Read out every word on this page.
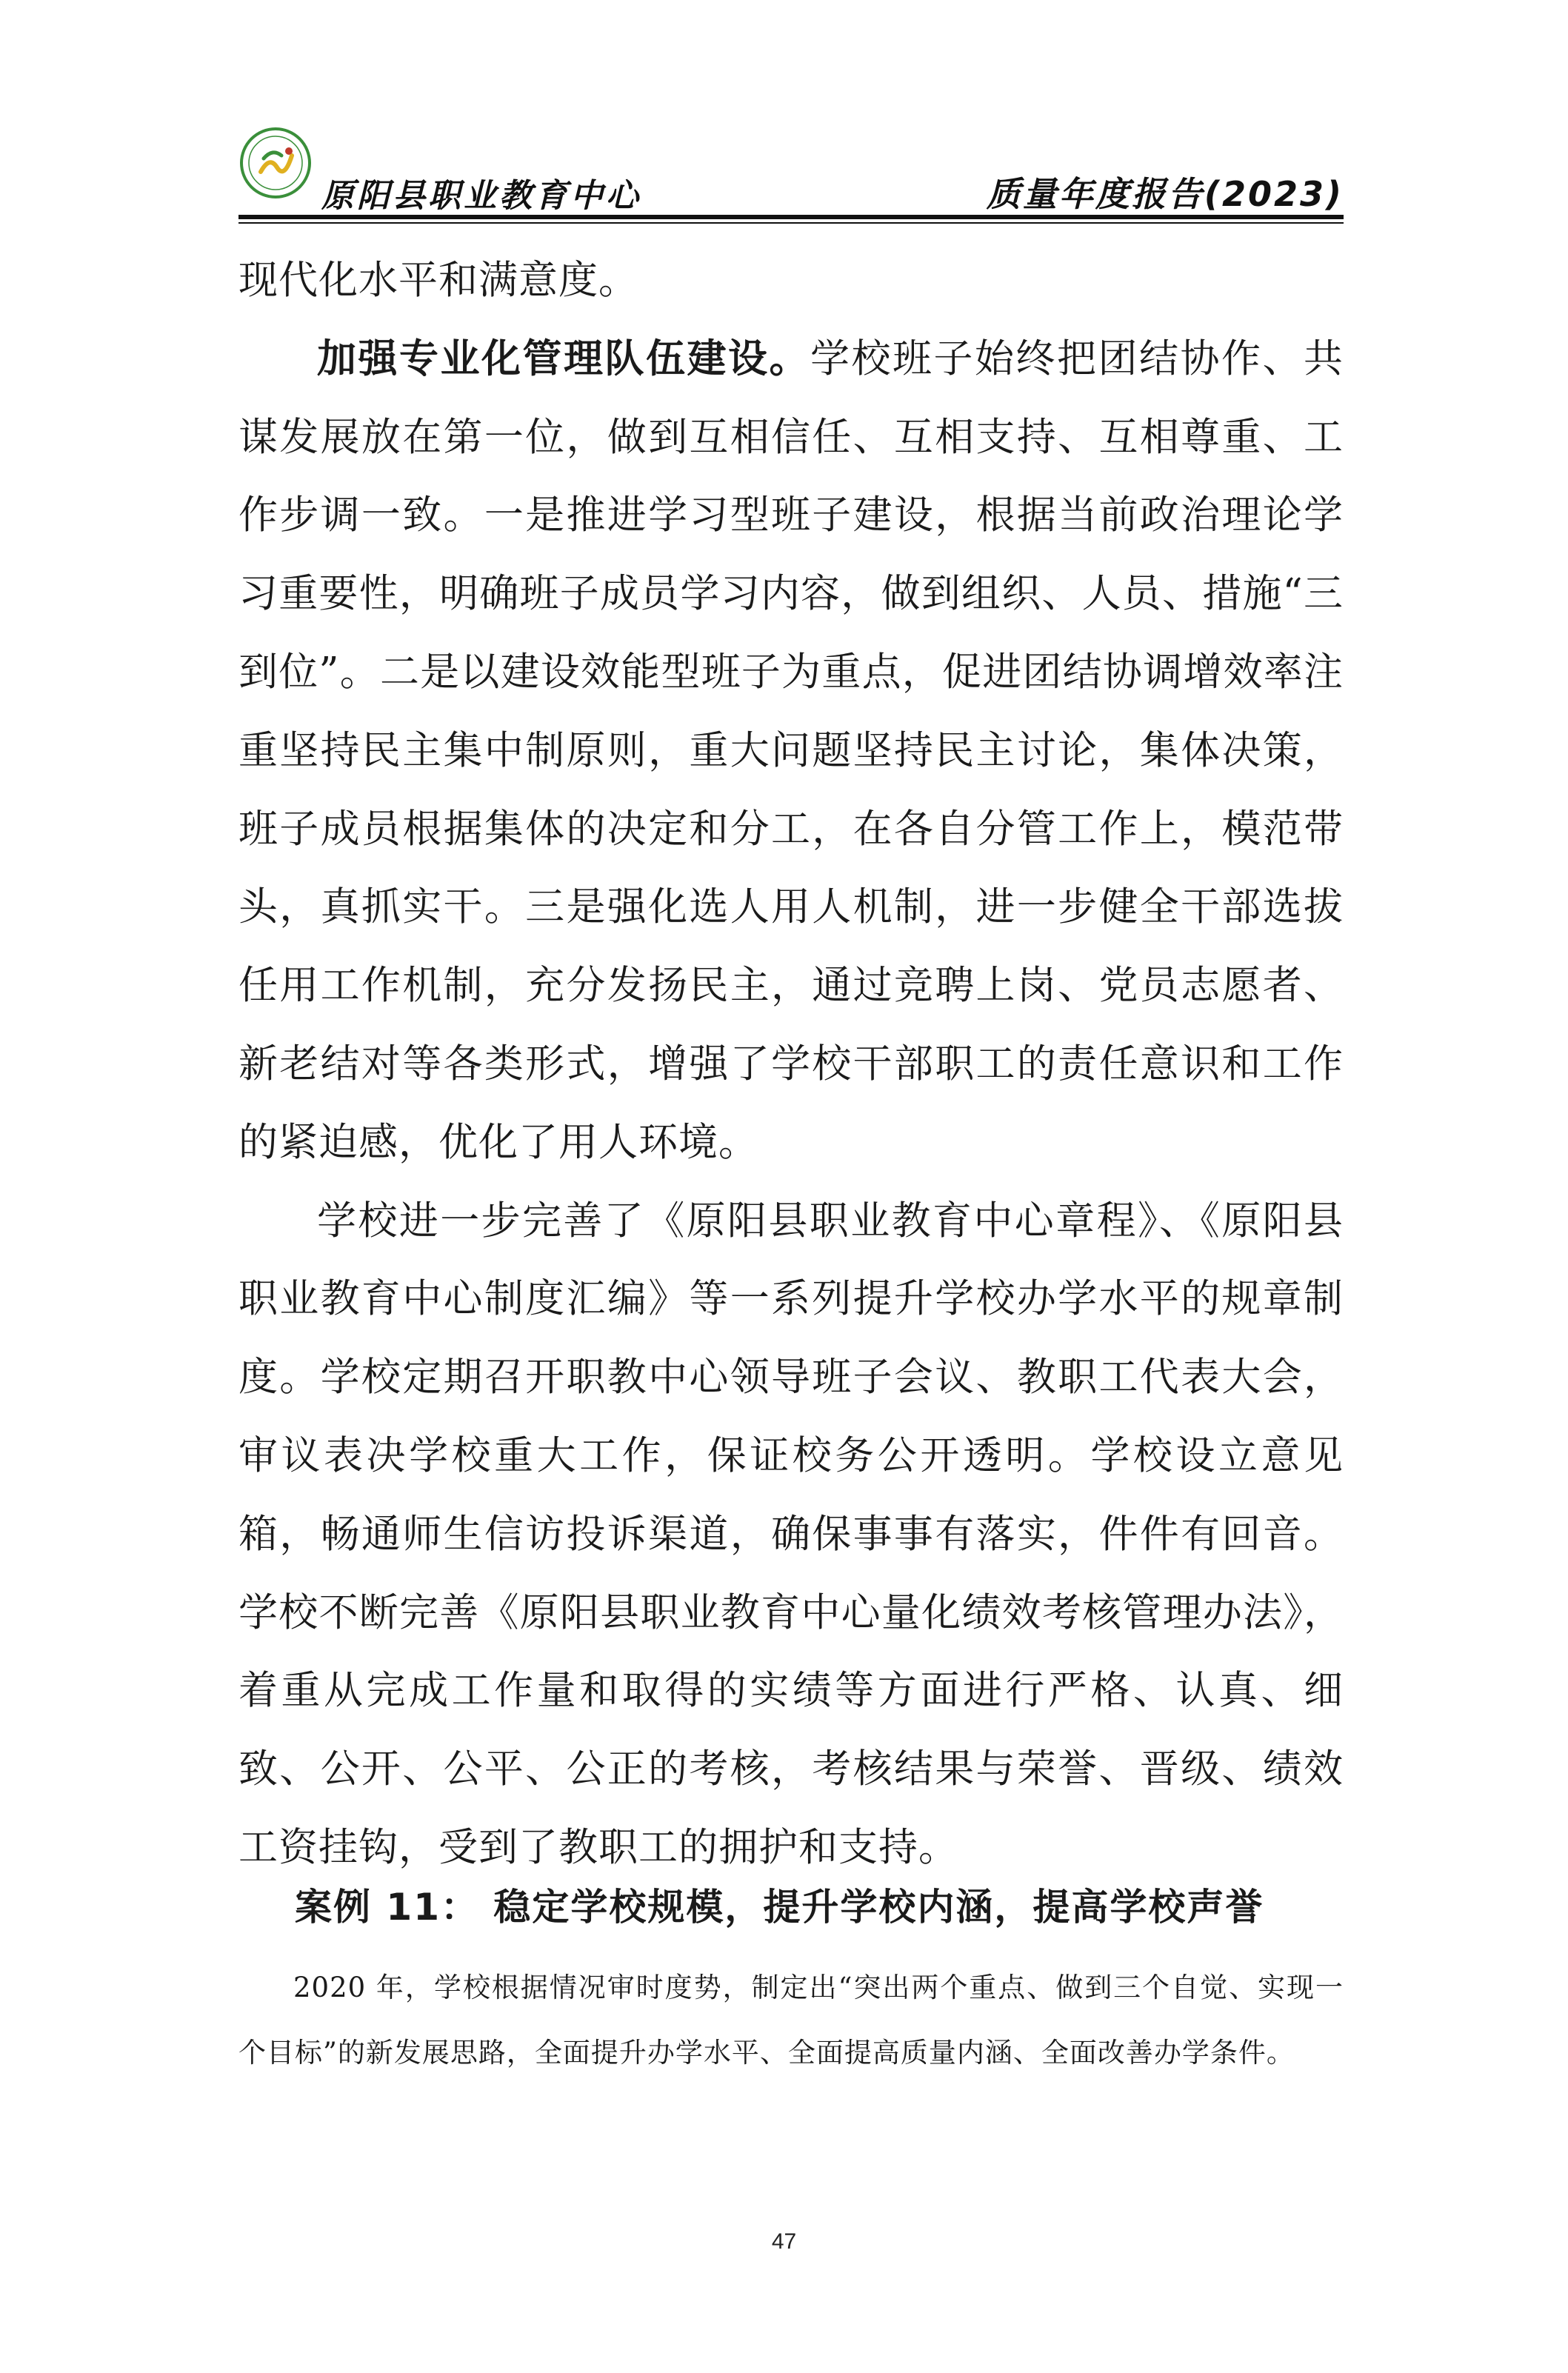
原阳县职业教育中心	质量年度报告(2023)

现代化水平和满意度。

加强专业化管理队伍建设。学校班子始终把团结协作、共谋发展放在第一位，做到互相信任、互相支持、互相尊重、工作步调一致。一是推进学习型班子建设，根据当前政治理论学习重要性，明确班子成员学习内容，做到组织、人员、措施“三到位”。二是以建设效能型班子为重点，促进团结协调增效率注重坚持民主集中制原则，重大问题坚持民主讨论，集体决策，班子成员根据集体的决定和分工，在各自分管工作上，模范带头，真抓实干。三是强化选人用人机制，进一步健全干部选拔任用工作机制，充分发扬民主，通过竞聘上岗、党员志愿者、新老结对等各类形式，增强了学校干部职工的责任意识和工作的紧迫感，优化了用人环境。

学校进一步完善了《原阳县职业教育中心章程》、《原阳县职业教育中心制度汇编》等一系列提升学校办学水平的规章制度。学校定期召开职教中心领导班子会议、教职工代表大会，审议表决学校重大工作，保证校务公开透明。学校设立意见箱，畅通师生信访投诉渠道，确保事事有落实，件件有回音。学校不断完善《原阳县职业教育中心量化绩效考核管理办法》，着重从完成工作量和取得的实绩等方面进行严格、认真、细致、公开、公平、公正的考核，考核结果与荣誉、晋级、绩效工资挂钩，受到了教职工的拥护和支持。

案例 11： 稳定学校规模，提升学校内涵，提高学校声誉

2020 年，学校根据情况审时度势，制定出“突出两个重点、做到三个自觉、实现一个目标”的新发展思路，全面提升办学水平、全面提高质量内涵、全面改善办学条件。

47
